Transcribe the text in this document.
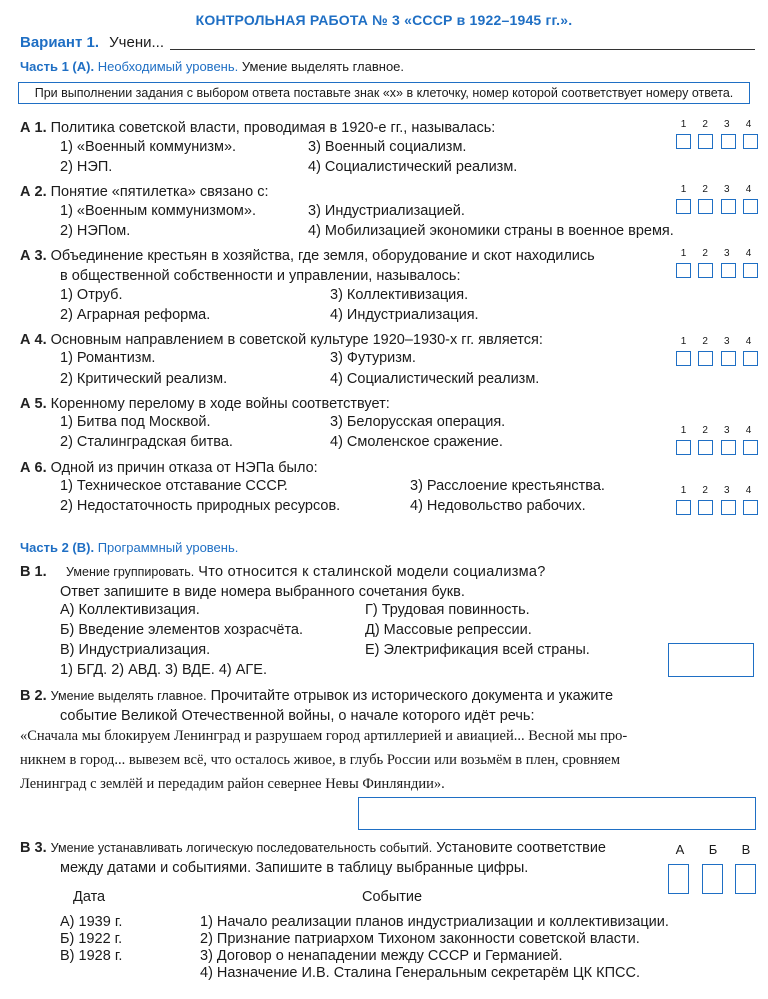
КОНТРОЛЬНАЯ РАБОТА № 3 «СССР в 1922–1945 гг.».
Вариант 1. Учени...
Часть 1 (А). Необходимый уровень. Умение выделять главное.
При выполнении задания с выбором ответа поставьте знак «х» в клеточку, номер которой соответствует номеру ответа.
А 1. Политика советской власти, проводимая в 1920-е гг., называлась:
1) «Военный коммунизм».
2) НЭП.
3) Военный социализм.
4) Социалистический реализм.
1	2	3	4
А 2. Понятие «пятилетка» связано с:
1) «Военным коммунизмом».
2) НЭПом.
3) Индустриализацией.
4) Мобилизацией экономики страны в военное время.
1	2	3	4
А 3. Объединение крестьян в хозяйства, где земля, оборудование и скот находились
в общественной собственности и управлении, называлось:
1) Отруб.
2) Аграрная реформа.
3) Коллективизация.
4) Индустриализация.
1	2	3	4
А 4. Основным направлением в советской культуре 1920–1930-х гг. является:
1) Романтизм.
2) Критический реализм.
3) Футуризм.
4) Социалистический реализм.
1	2	3	4
А 5. Коренному перелому в ходе войны соответствует:
1) Битва под Москвой.
2) Сталинградская битва.
3) Белорусская операция.
4) Смоленское сражение.
1	2	3	4
А 6. Одной из причин отказа от НЭПа было:
1) Техническое отставание СССР.
2) Недостаточность природных ресурсов.
3) Расслоение крестьянства.
4) Недовольство рабочих.
1	2	3	4
Часть 2 (В). Программный уровень.
В 1. Умение группировать. Что относится к сталинской модели социализма?
Ответ запишите в виде номера выбранного сочетания букв.
А) Коллективизация.
Б) Введение элементов хозрасчёта.
В) Индустриализация.
Г) Трудовая повинность.
Д) Массовые репрессии.
Е) Электрификация всей страны.
1) БГД. 2) АВД. 3) ВДЕ. 4) АГЕ.
В 2. Умение выделять главное. Прочитайте отрывок из исторического документа и укажите
событие Великой Отечественной войны, о начале которого идёт речь:
«Сначала мы блокируем Ленинград и разрушаем город артиллерией и авиацией... Весной мы про-
никнем в город... вывезем всё, что осталось живое, в глубь России или возьмём в плен, сровняем
Ленинград с землёй и передадим район севернее Невы Финляндии».
В 3. Умение устанавливать логическую последовательность событий. Установите соответствие
между датами и событиями. Запишите в таблицу выбранные цифры.
А	Б	В
Дата	Событие
А) 1939 г.
Б) 1922 г.
В) 1928 г.
1) Начало реализации планов индустриализации и коллективизации.
2) Признание патриархом Тихоном законности советской власти.
3) Договор о ненападении между СССР и Германией.
4) Назначение И.В. Сталина Генеральным секретарём ЦК КПСС.
